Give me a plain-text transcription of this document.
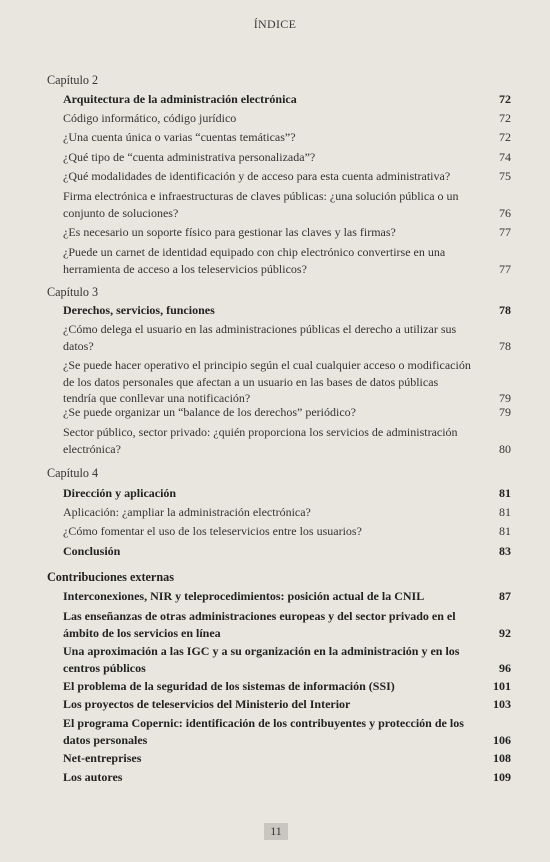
ÍNDICE
Capítulo 2
Arquitectura de la administración electrónica	72
Código informático, código jurídico	72
¿Una cuenta única o varias “cuentas temáticas”?	72
¿Qué tipo de “cuenta administrativa personalizada”?	74
¿Qué modalidades de identificación y de acceso para esta cuenta administrativa?	75
Firma electrónica e infraestructuras de claves públicas: ¿una solución pública o un conjunto de soluciones?	76
¿Es necesario un soporte físico para gestionar las claves y las firmas?	77
¿Puede un carnet de identidad equipado con chip electrónico convertirse en una herramienta de acceso a los teleservicios públicos?	77
Capítulo 3
Derechos, servicios, funciones	78
¿Cómo delega el usuario en las administraciones públicas el derecho a utilizar sus datos?	78
¿Se puede hacer operativo el principio según el cual cualquier acceso o modificación de los datos personales que afectan a un usuario en las bases de datos públicas tendría que conllevar una notificación?	79
¿Se puede organizar un “balance de los derechos” periódico?	79
Sector público, sector privado: ¿quién proporciona los servicios de administración electrónica?	80
Capítulo 4
Dirección y aplicación	81
Aplicación: ¿ampliar la administración electrónica?	81
¿Cómo fomentar el uso de los teleservicios entre los usuarios?	81
Conclusión	83
Contribuciones externas
Interconexiones, NIR y teleprocedimientos: posición actual de la CNIL	87
Las enseñanzas de otras administraciones europeas y del sector privado en el ámbito de los servicios en línea	92
Una aproximación a las IGC y a su organización en la administración y en los centros públicos	96
El problema de la seguridad de los sistemas de información (SSI)	101
Los proyectos de teleservicios del Ministerio del Interior	103
El programa Copernic: identificación de los contribuyentes y protección de los datos personales	106
Net-entreprises	108
Los autores	109
11
